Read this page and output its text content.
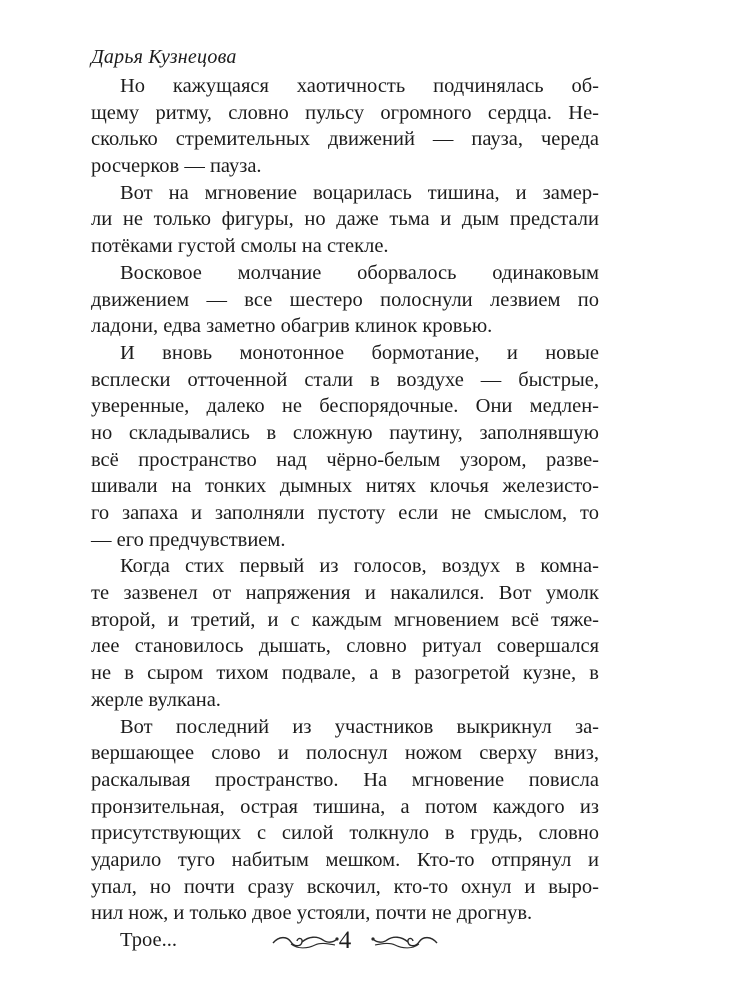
Дарья Кузнецова
Но кажущаяся хаотичность подчинялась об-
щему ритму, словно пульсу огромного сердца. Не-
сколько стремительных движений — пауза, череда
росчерков — пауза.
Вот на мгновение воцарилась тишина, и замер-
ли не только фигуры, но даже тьма и дым предстали
потёками густой смолы на стекле.
Восковое молчание оборвалось одинаковым
движением — все шестеро полоснули лезвием по
ладони, едва заметно обагрив клинок кровью.
И вновь монотонное бормотание, и новые
всплески отточенной стали в воздухе — быстрые,
уверенные, далеко не беспорядочные. Они медлен-
но складывались в сложную паутину, заполнявшую
всё пространство над чёрно-белым узором, разве-
шивали на тонких дымных нитях клочья железисто-
го запаха и заполняли пустоту если не смыслом, то
— его предчувствием.
Когда стих первый из голосов, воздух в комна-
те зазвенел от напряжения и накалился. Вот умолк
второй, и третий, и с каждым мгновением всё тяже-
лее становилось дышать, словно ритуал совершался
не в сыром тихом подвале, а в разогретой кузне, в
жерле вулкана.
Вот последний из участников выкрикнул за-
вершающее слово и полоснул ножом сверху вниз,
раскалывая пространство. На мгновение повисла
пронзительная, острая тишина, а потом каждого из
присутствующих с силой толкнуло в грудь, словно
ударило туго набитым мешком. Кто-то отпрянул и
упал, но почти сразу вскочил, кто-то охнул и выро-
нил нож, и только двое устояли, почти не дрогнув.
Трое...	4
